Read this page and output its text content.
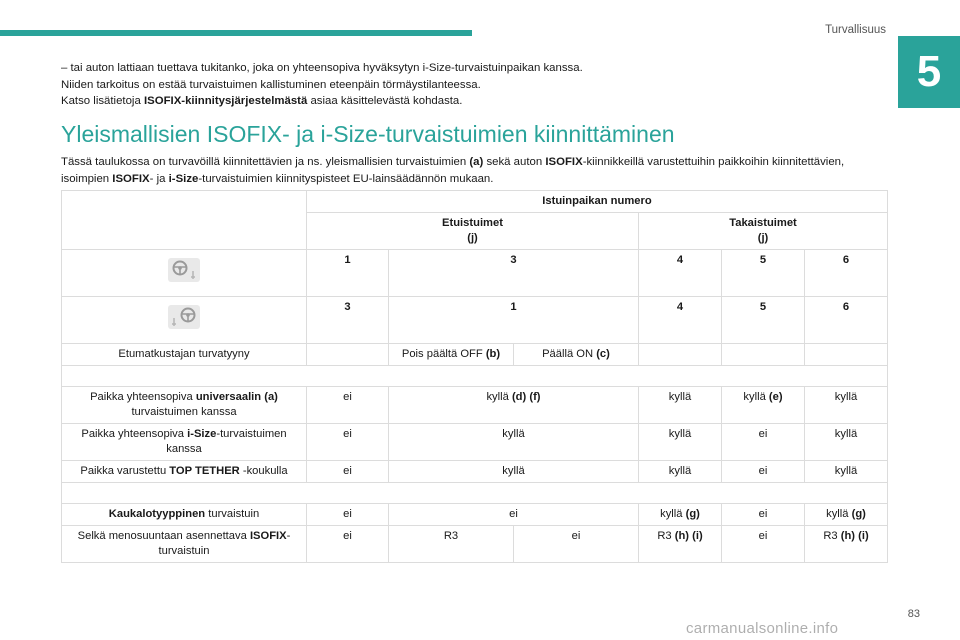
Turvallisuus
5

– tai auton lattiaan tuettava tukitanko, joka on yhteensopiva hyväksytyn i-Size-turvaistuinpaikan kanssa.

Niiden tarkoitus on estää turvaistuimen kallistuminen eteenpäin törmäystilanteessa.

Katso lisätietoja ISOFIX-kiinnitysjärjestelmästä asiaa käsittelevästä kohdasta.

Yleismallisien ISOFIX- ja i-Size-turvaistuimien kiinnittäminen

Tässä taulukossa on turvavöillä kiinnitettävien ja ns. yleismallisien turvaistuimien (a) sekä auton ISOFIX-kiinnikkeillä varustettuihin paikkoihin kiinnitettävien, isoimpien ISOFIX- ja i-Size-turvaistuimien kiinnityspisteet EU-lainsäädännön mukaan.

	Istuinpaikan numero					
	Etuistuimet
(j)			Takaistuimet
(j)		

	1	3		4	5	6

	3	1		4	5	6
Etumatkustajan turvatyyny		Pois päältä OFF (b)	Päällä ON (c)			

Paikka yhteensopiva universaalin (a) turvaistuimen kanssa	ei	kyllä (d) (f)		kyllä	kyllä (e)	kyllä
Paikka yhteensopiva i-Size-turvaistuimen kanssa	ei	kyllä		kyllä	ei	kyllä
Paikka varustettu TOP TETHER -koukulla	ei	kyllä		kyllä	ei	kyllä

Kaukalotyyppinen turvaistuin	ei	ei		kyllä (g)	ei	kyllä (g)
Selkä menosuuntaan asennettava ISOFIX-turvaistuin	ei	R3	ei	R3 (h) (i)	ei	R3 (h) (i)
83
carmanualsonline.info
